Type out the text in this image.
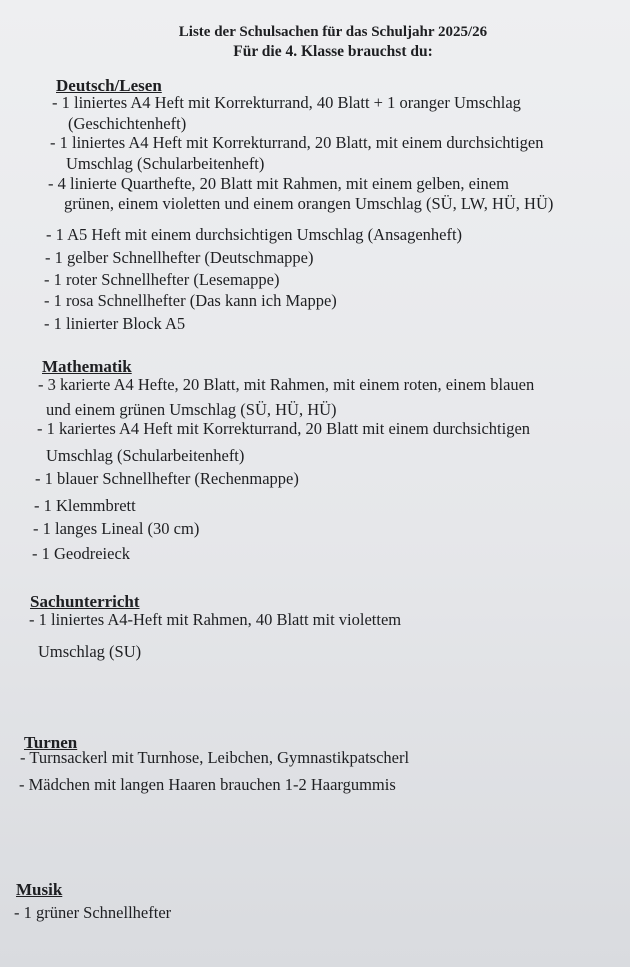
Liste der Schulsachen für das Schuljahr 2025/26
Für die 4. Klasse brauchst du:
Deutsch/Lesen
- 1 liniertes A4 Heft mit Korrekturrand, 40 Blatt + 1 oranger Umschlag
(Geschichtenheft)
- 1 liniertes A4 Heft mit Korrekturrand, 20 Blatt, mit einem durchsichtigen
Umschlag (Schularbeitenheft)
- 4 linierte Quarthefte, 20 Blatt mit Rahmen, mit einem gelben, einem
grünen, einem violetten und einem orangen Umschlag (SÜ, LW, HÜ, HÜ)
- 1 A5 Heft mit einem durchsichtigen Umschlag (Ansagenheft)
- 1 gelber Schnellhefter (Deutschmappe)
- 1 roter Schnellhefter (Lesemappe)
- 1 rosa Schnellhefter (Das kann ich Mappe)
- 1 linierter Block A5
Mathematik
- 3 karierte A4 Hefte, 20 Blatt, mit Rahmen, mit einem roten, einem blauen
und einem grünen Umschlag (SÜ, HÜ, HÜ)
- 1 kariertes A4 Heft mit Korrekturrand, 20 Blatt mit einem durchsichtigen
Umschlag (Schularbeitenheft)
- 1 blauer Schnellhefter (Rechenmappe)
- 1 Klemmbrett
- 1 langes Lineal (30 cm)
- 1 Geodreieck
Sachunterricht
- 1 liniertes A4-Heft mit Rahmen, 40 Blatt mit violettem
Umschlag (SU)
Turnen
- Turnsackerl mit Turnhose, Leibchen, Gymnastikpatscherl
- Mädchen mit langen Haaren brauchen 1-2 Haargummis
Musik
- 1 grüner Schnellhefter
